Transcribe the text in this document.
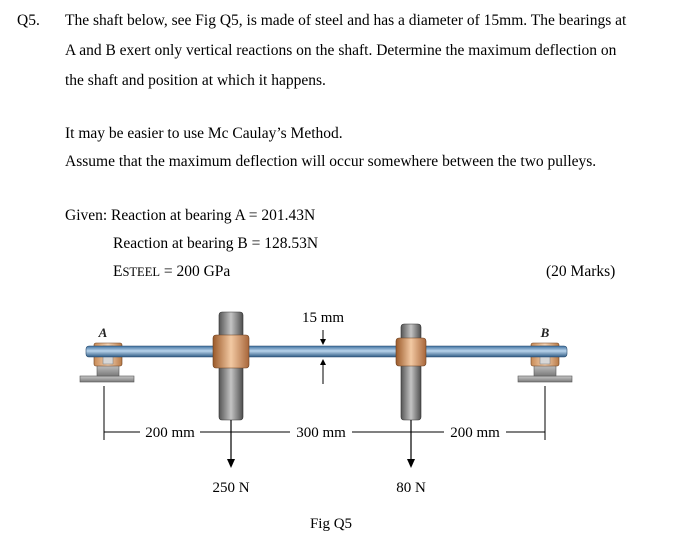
Q5. The shaft below, see Fig Q5, is made of steel and has a diameter of 15mm. The bearings at
A and B exert only vertical reactions on the shaft. Determine the maximum deflection on
the shaft and position at which it happens.
It may be easier to use Mc Caulay’s Method.
Assume that the maximum deflection will occur somewhere between the two pulleys.
Given: Reaction at bearing A = 201.43N
Reaction at bearing B = 128.53N
ESTEEL = 200 GPa	(20 Marks)
A	B
15 mm
200 mm	300 mm	200 mm
250 N	80 N
Fig Q5
